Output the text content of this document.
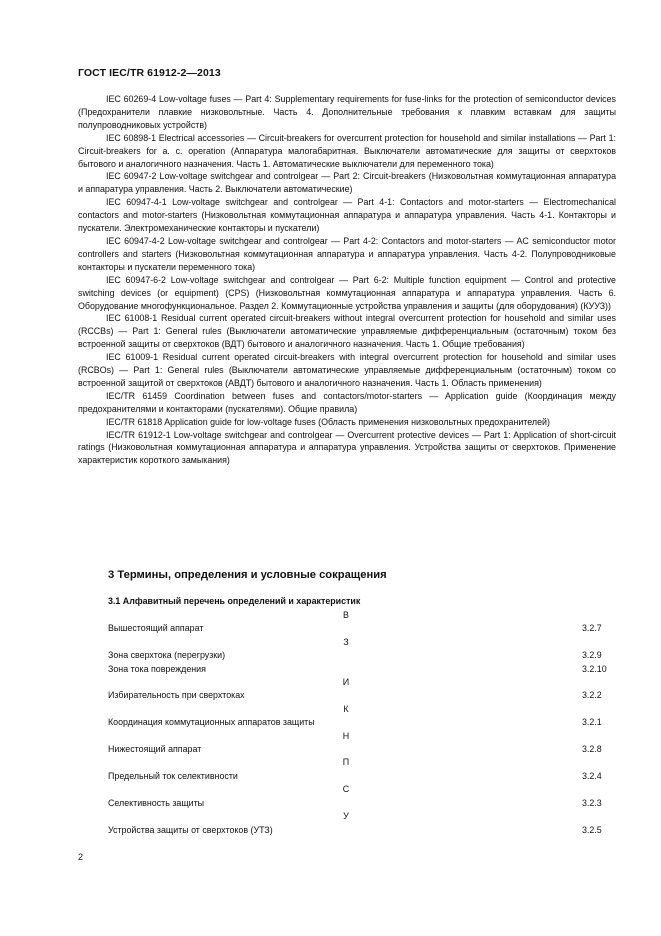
ГОСТ IEC/TR 61912-2—2013

IEC 60269-4 Low-voltage fuses — Part 4: Supplementary requirements for fuse-links for the protection of semiconductor devices (Предохранители плавкие низковольтные. Часть 4. Дополнительные требования к плавким вставкам для защиты полупроводниковых устройств)

IEC 60898-1 Electrical accessories — Circuit-breakers for overcurrent protection for household and similar installations — Part 1: Circuit-breakers for a. c. operation (Аппаратура малогабаритная. Выключатели автоматические для защиты от сверхтоков бытового и аналогичного назначения. Часть 1. Автоматические выключатели для переменного тока)

IEC 60947-2 Low-voltage switchgear and controlgear — Part 2: Circuit-breakers (Низковольтная коммутационная аппаратура и аппаратура управления. Часть 2. Выключатели автоматические)

IEC 60947-4-1 Low-voltage switchgear and controlgear — Part 4-1: Contactors and motor-starters — Electromechanical contactors and motor-starters (Низковольтная коммутационная аппаратура и аппаратура управления. Часть 4-1. Контакторы и пускатели. Электромеханические контакторы и пускатели)

IEC 60947-4-2 Low-voltage switchgear and controlgear — Part 4-2: Contactors and motor-starters — AC semiconductor motor controllers and starters (Низковольтная коммутационная аппаратура и аппаратура управления. Часть 4-2. Полупроводниковые контакторы и пускатели переменного тока)

IEC 60947-6-2 Low-voltage switchgear and controlgear — Part 6-2: Multiple function equipment — Control and protective switching devices (or equipment) (CPS) (Низковольтная коммутационная аппаратура и аппаратура управления. Часть 6. Оборудование многофункциональное. Раздел 2. Коммутационные устройства управления и защиты (для оборудования) (КУУЗ))

IEC 61008-1 Residual current operated circuit-breakers without integral overcurrent protection for household and similar uses (RCCBs) — Part 1: General rules (Выключатели автоматические управляемые дифференциальным (остаточным) током без встроенной защиты от сверхтоков (ВДТ) бытового и аналогичного назначения. Часть 1. Общие требования)

IEC 61009-1 Residual current operated circuit-breakers with integral overcurrent protection for household and similar uses (RCBOs) — Part 1: General rules (Выключатели автоматические управляемые дифференциальным (остаточным) током со встроенной защитой от сверхтоков (АВДТ) бытового и аналогичного назначения. Часть 1. Область применения)

IEC/TR 61459 Coordination between fuses and contactors/motor-starters — Application guide (Координация между предохранителями и контакторами (пускателями). Общие правила)

IEC/TR 61818 Application guide for low-voltage fuses (Область применения низковольтных предохранителей)

IEC/TR 61912-1 Low-voltage switchgear and controlgear — Overcurrent protective devices — Part 1: Application of short-circuit ratings (Низковольтная коммутационная аппаратура и аппаратура управления. Устройства защиты от сверхтоков. Применение характеристик короткого замыкания)

3 Термины, определения и условные сокращения
3.1 Алфавитный перечень определений и характеристик
В
Вышестоящий аппарат	3.2.7
З
Зона сверхтока (перегрузки)	3.2.9
Зона тока повреждения	3.2.10
И
Избирательность при сверхтоках	3.2.2
К
Координация коммутационных аппаратов защиты	3.2.1
Н
Нижестоящий аппарат	3.2.8
П
Предельный ток селективности	3.2.4
С
Селективность защиты	3.2.3
У
Устройства защиты от сверхтоков (УТЗ)	3.2.5
2
